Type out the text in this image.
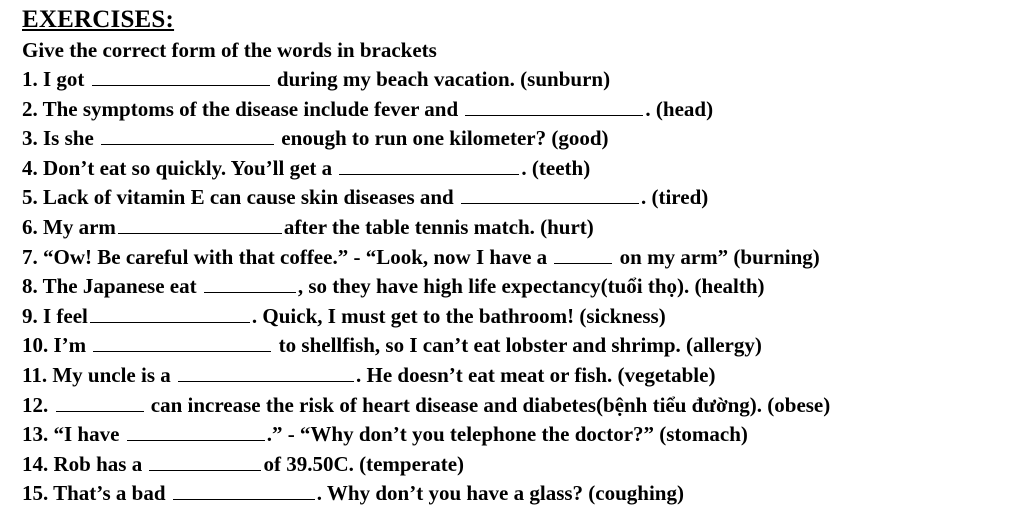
EXERCISES:
Give the correct form of the words in brackets
1. I got	during my beach vacation. (sunburn)
2. The symptoms of the disease include fever and	. (head)
3. Is she	enough to run one kilometer? (good)
4. Don’t eat so quickly. You’ll get a	. (teeth)
5. Lack of vitamin E can cause skin diseases and	. (tired)
6. My arm	after the table tennis match. (hurt)
7. “Ow! Be careful with that coffee.” - “Look, now I have a	on my arm” (burning)
8. The Japanese eat	, so they have high life expectancy(tuổi thọ). (health)
9. I feel	. Quick, I must get to the bathroom! (sickness)
10. I’m	to shellfish, so I can’t eat lobster and shrimp. (allergy)
11. My uncle is a	. He doesn’t eat meat or fish. (vegetable)
12.	can increase the risk of heart disease and diabetes(bệnh tiểu đường). (obese)
13. “I have	.” - “Why don’t you telephone the doctor?” (stomach)
14. Rob has a	of 39.50C. (temperate)
15. That’s a bad	. Why don’t you have a glass? (coughing)
